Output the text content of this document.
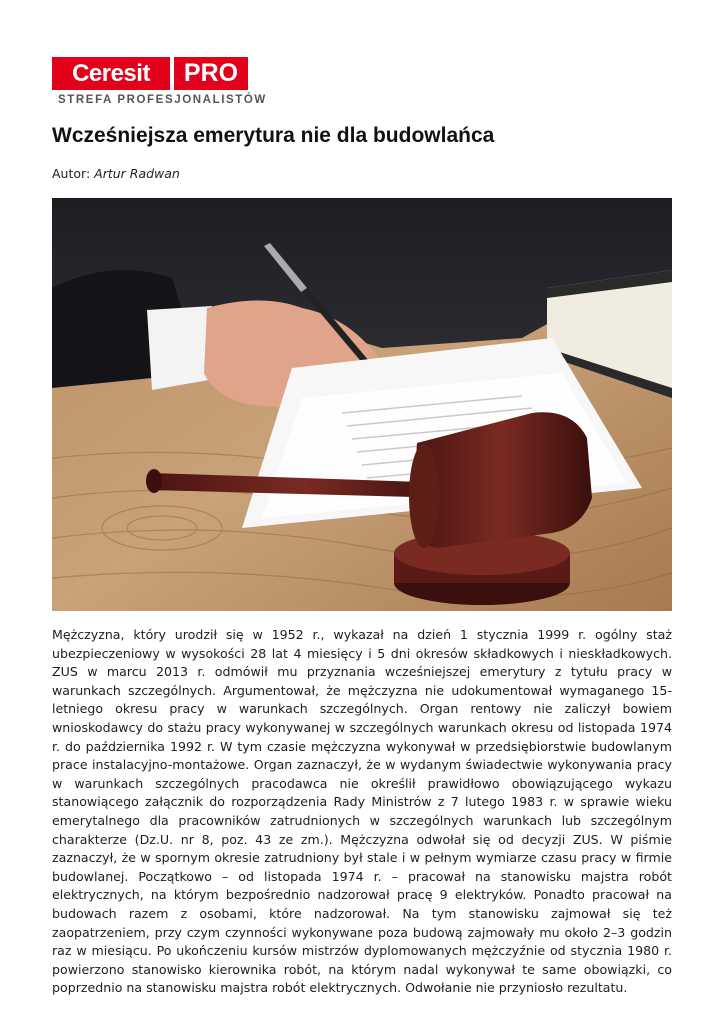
Ceresit	PRO
STREFA PROFESJONALISTÓW
Wcześniejsza emerytura nie dla budowlańca
Autor: Artur Radwan

Mężczyzna, który urodził się w 1952 r., wykazał na dzień 1 stycznia 1999 r. ogólny staż ubezpieczeniowy w wysokości 28 lat 4 miesięcy i 5 dni okresów składkowych i nieskładkowych. ZUS w marcu 2013 r. odmówił mu przyznania wcześniejszej emerytury z tytułu pracy w warunkach szczególnych. Argumentował, że mężczyzna nie udokumentował wymaganego 15-letniego okresu pracy w warunkach szczególnych. Organ rentowy nie zaliczył bowiem wnioskodawcy do stażu pracy wykonywanej w szczególnych warunkach okresu od listopada 1974 r. do października 1992 r. W tym czasie mężczyzna wykonywał w przedsiębiorstwie budowlanym prace instalacyjno-montażowe. Organ zaznaczył, że w wydanym świadectwie wykonywania pracy w warunkach szczególnych pracodawca nie określił prawidłowo obowiązującego wykazu stanowiącego załącznik do rozporządzenia Rady Ministrów z 7 lutego 1983 r. w sprawie wieku emerytalnego dla pracowników zatrudnionych w szczególnych warunkach lub szczególnym charakterze (Dz.U. nr 8, poz. 43 ze zm.). Mężczyzna odwołał się od decyzji ZUS. W piśmie zaznaczył, że w spornym okresie zatrudniony był stale i w pełnym wymiarze czasu pracy w firmie budowlanej. Początkowo – od listopada 1974 r. – pracował na stanowisku majstra robót elektrycznych, na którym bezpośrednio nadzorował pracę 9 elektryków. Ponadto pracował na budowach razem z osobami, które nadzorował. Na tym stanowisku zajmował się też zaopatrzeniem, przy czym czynności wykonywane poza budową zajmowały mu około 2–3 godzin raz w miesiącu. Po ukończeniu kursów mistrzów dyplomowanych mężczyźnie od stycznia 1980 r. powierzono stanowisko kierownika robót, na którym nadal wykonywał te same obowiązki, co poprzednio na stanowisku majstra robót elektrycznych. Odwołanie nie przyniosło rezultatu.
